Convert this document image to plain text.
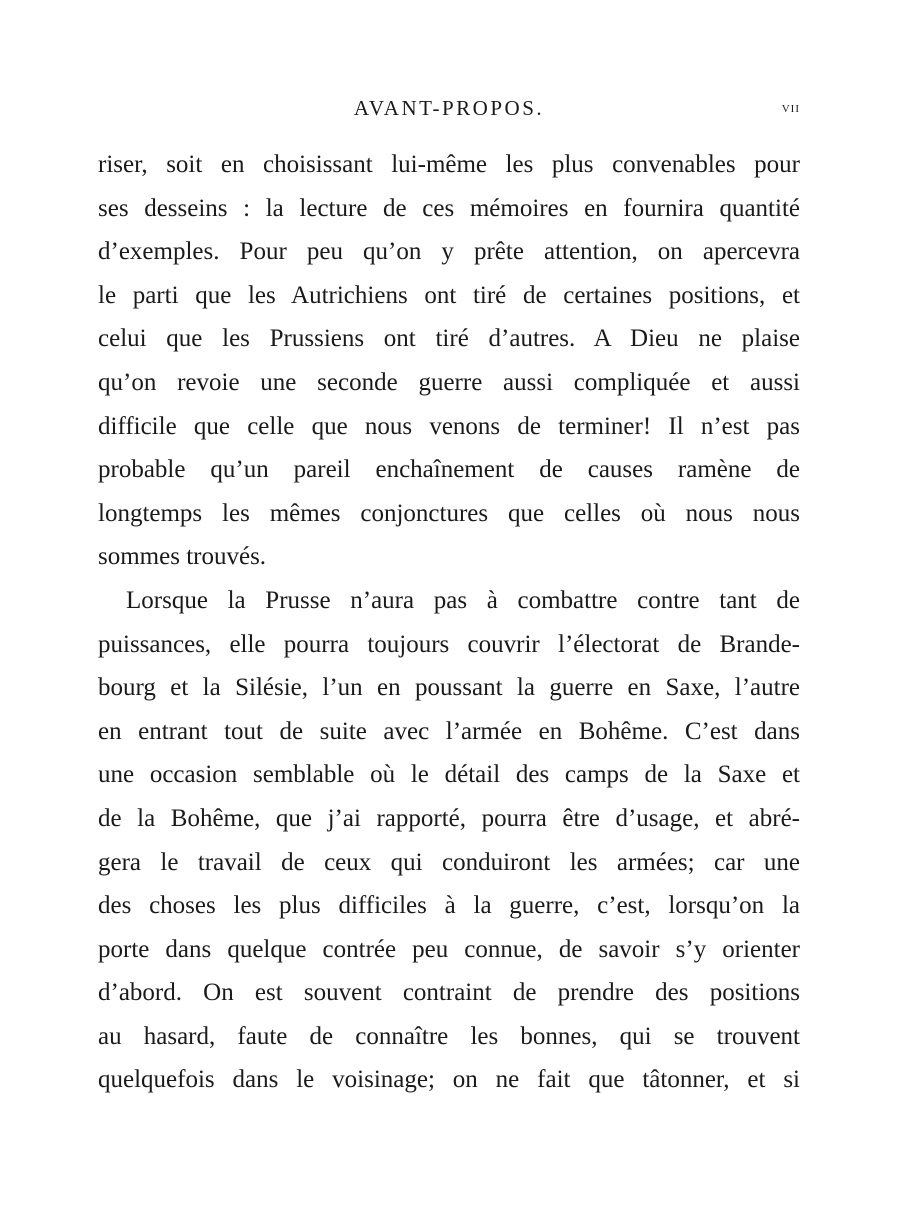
AVANT-PROPOS.	vii
riser, soit en choisissant lui-même les plus convenables pour
ses desseins : la lecture de ces mémoires en fournira quantité
d’exemples. Pour peu qu’on y prête attention, on apercevra
le parti que les Autrichiens ont tiré de certaines positions, et
celui que les Prussiens ont tiré d’autres. A Dieu ne plaise
qu’on revoie une seconde guerre aussi compliquée et aussi
difficile que celle que nous venons de terminer! Il n’est pas
probable qu’un pareil enchaînement de causes ramène de
longtemps les mêmes conjonctures que celles où nous nous
sommes trouvés.
Lorsque la Prusse n’aura pas à combattre contre tant de
puissances, elle pourra toujours couvrir l’électorat de Brande-
bourg et la Silésie, l’un en poussant la guerre en Saxe, l’autre
en entrant tout de suite avec l’armée en Bohême. C’est dans
une occasion semblable où le détail des camps de la Saxe et
de la Bohême, que j’ai rapporté, pourra être d’usage, et abré-
gera le travail de ceux qui conduiront les armées; car une
des choses les plus difficiles à la guerre, c’est, lorsqu’on la
porte dans quelque contrée peu connue, de savoir s’y orienter
d’abord. On est souvent contraint de prendre des positions
au hasard, faute de connaître les bonnes, qui se trouvent
quelquefois dans le voisinage; on ne fait que tâtonner, et si
